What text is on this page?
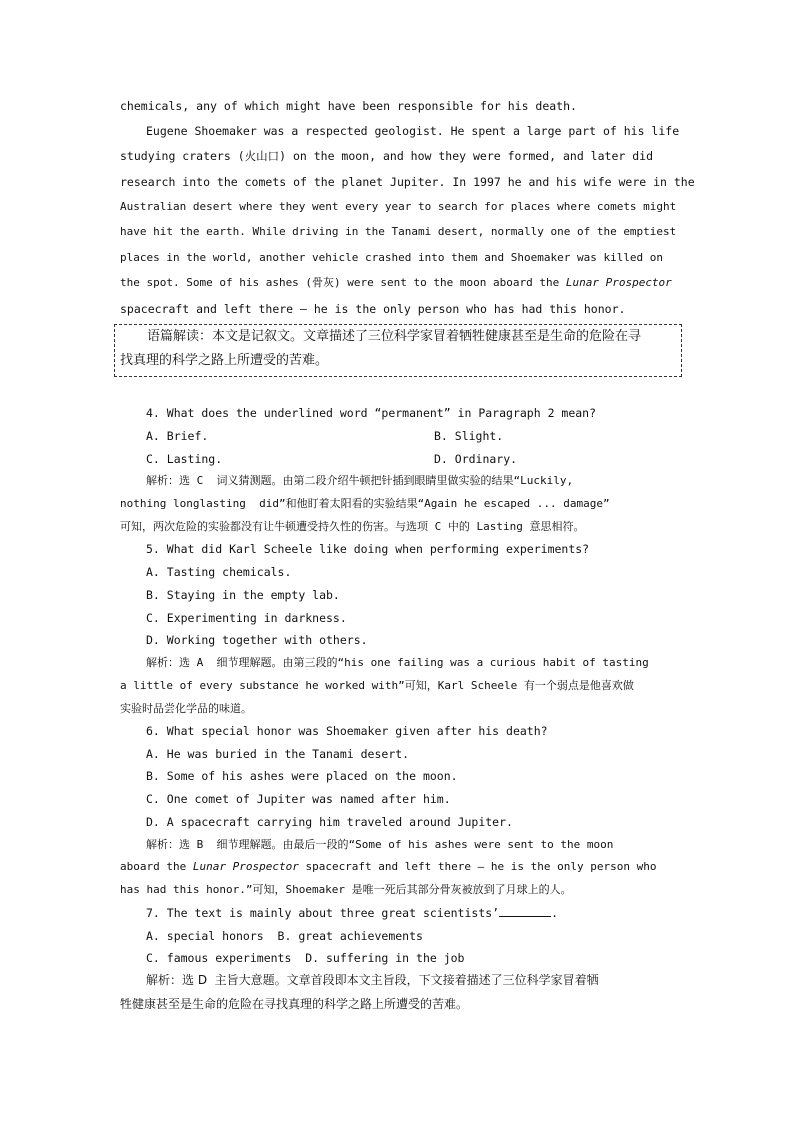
chemicals, any of which might have been responsible for his death.
Eugene Shoemaker was a respected geologist. He spent a large part of his life
studying craters (火山口) on the moon, and how they were formed, and later did
research into the comets of the planet Jupiter. In 1997 he and his wife were in the
Australian desert where they went every year to search for places where comets might
have hit the earth. While driving in the Tanami desert, normally one of the emptiest
places in the world, another vehicle crashed into them and Shoemaker was killed on
the spot. Some of his ashes (骨灰) were sent to the moon aboard the Lunar Prospector
spacecraft and left there — he is the only person who has had this honor.
语篇解读：本文是记叙文。文章描述了三位科学家冒着牺牲健康甚至是生命的危险在寻
找真理的科学之路上所遭受的苦难。
4. What does the underlined word “permanent” in Paragraph 2 mean?
A. Brief.	B. Slight.
C. Lasting.	D. Ordinary.
解析：选 C  词义猜测题。由第二段介绍牛顿把针插到眼睛里做实验的结果“Luckily,
nothing longlasting  did”和他盯着太阳看的实验结果“Again he escaped ... damage”
可知，两次危险的实验都没有让牛顿遭受持久性的伤害。与选项 C 中的 Lasting 意思相符。
5. What did Karl Scheele like doing when performing experiments?
A. Tasting chemicals.
B. Staying in the empty lab.
C. Experimenting in darkness.
D. Working together with others.
解析：选 A  细节理解题。由第三段的“his one failing was a curious habit of tasting
a little of every substance he worked with”可知，Karl Scheele 有一个弱点是他喜欢做
实验时品尝化学品的味道。
6. What special honor was Shoemaker given after his death?
A. He was buried in the Tanami desert.
B. Some of his ashes were placed on the moon.
C. One comet of Jupiter was named after him.
D. A spacecraft carrying him traveled around Jupiter.
解析：选 B  细节理解题。由最后一段的“Some of his ashes were sent to the moon
aboard the Lunar Prospector spacecraft and left there — he is the only person who
has had this honor.”可知，Shoemaker 是唯一死后其部分骨灰被放到了月球上的人。
7. The text is mainly about three great scientists’	.
A. special honors  B. great achievements
C. famous experiments  D. suffering in the job
解析：选 D  主旨大意题。文章首段即本文主旨段，下文接着描述了三位科学家冒着牺
牲健康甚至是生命的危险在寻找真理的科学之路上所遭受的苦难。
